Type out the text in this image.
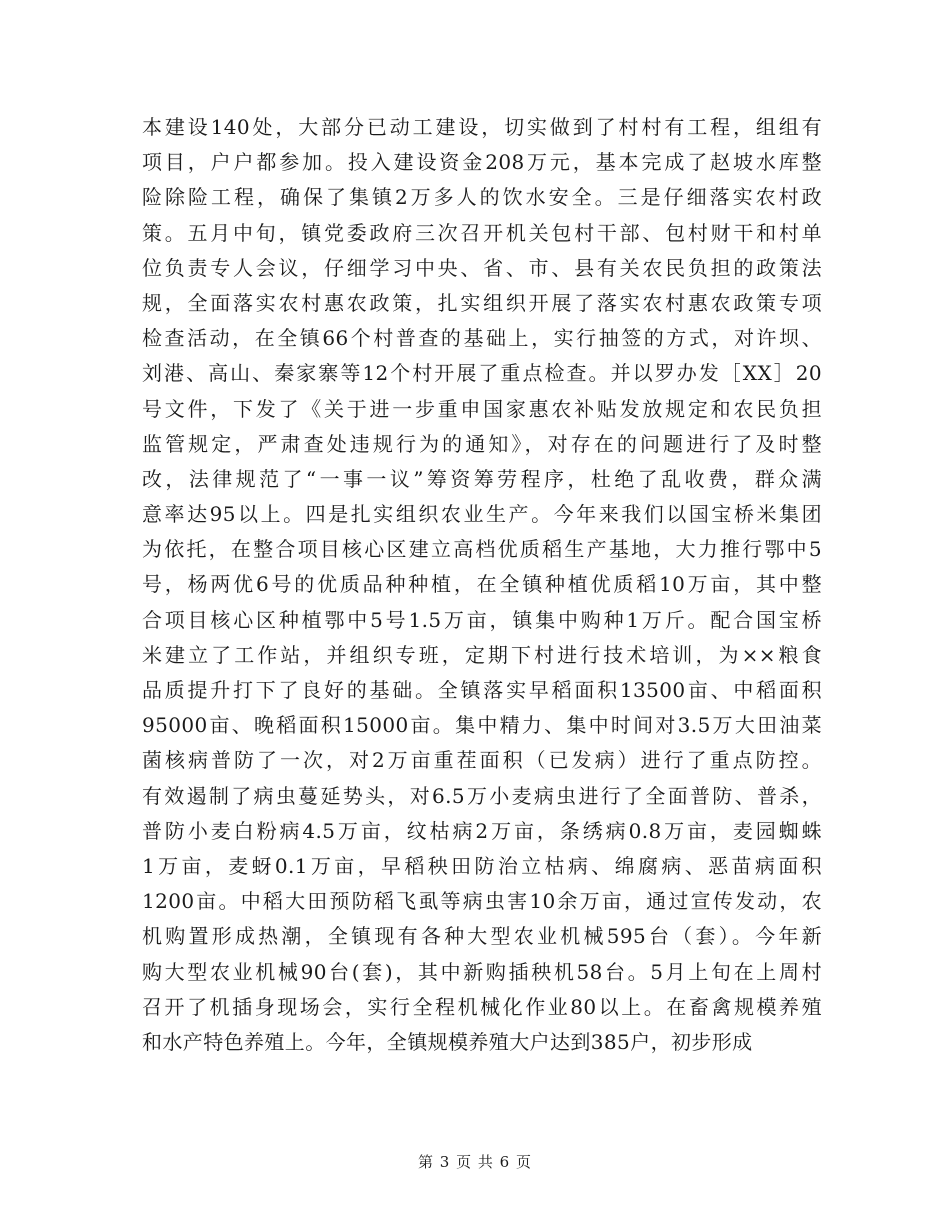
本建设140处，大部分已动工建设，切实做到了村村有工程，组组有
项目，户户都参加。投入建设资金208万元，基本完成了赵坡水库整
险除险工程，确保了集镇2万多人的饮水安全。三是仔细落实农村政
策。五月中旬，镇党委政府三次召开机关包村干部、包村财干和村单
位负责专人会议，仔细学习中央、省、市、县有关农民负担的政策法
规，全面落实农村惠农政策，扎实组织开展了落实农村惠农政策专项
检查活动，在全镇66个村普查的基础上，实行抽签的方式，对许坝、
刘港、高山、秦家寨等12个村开展了重点检查。并以罗办发［XX］20
号文件，下发了《关于进一步重申国家惠农补贴发放规定和农民负担
监管规定，严肃查处违规行为的通知》，对存在的问题进行了及时整
改，法律规范了“一事一议”筹资筹劳程序，杜绝了乱收费，群众满
意率达95以上。四是扎实组织农业生产。今年来我们以国宝桥米集团
为依托，在整合项目核心区建立高档优质稻生产基地，大力推行鄂中5
号，杨两优6号的优质品种种植，在全镇种植优质稻10万亩，其中整
合项目核心区种植鄂中5号1.5万亩，镇集中购种1万斤。配合国宝桥
米建立了工作站，并组织专班，定期下村进行技术培训，为××粮食
品质提升打下了良好的基础。全镇落实早稻面积13500亩、中稻面积
95000亩、晚稻面积15000亩。集中精力、集中时间对3.5万大田油菜
菌核病普防了一次，对2万亩重茬面积（已发病）进行了重点防控。
有效遏制了病虫蔓延势头，对6.5万小麦病虫进行了全面普防、普杀，
普防小麦白粉病4.5万亩，纹枯病2万亩，条绣病0.8万亩，麦园蜘蛛
1万亩，麦蚜0.1万亩，早稻秧田防治立枯病、绵腐病、恶苗病面积
1200亩。中稻大田预防稻飞虱等病虫害10余万亩，通过宣传发动，农
机购置形成热潮，全镇现有各种大型农业机械595台（套）。今年新
购大型农业机械90台(套)，其中新购插秧机58台。5月上旬在上周村
召开了机插身现场会，实行全程机械化作业80以上。在畜禽规模养殖
和水产特色养殖上。今年，全镇规模养殖大户达到385户，初步形成
第 3 页 共 6 页
